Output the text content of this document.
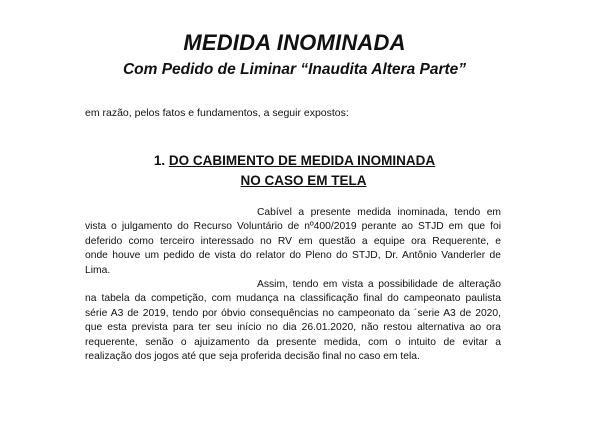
MEDIDA INOMINADA
Com Pedido de Liminar “Inaudita Altera Parte”
em razão, pelos fatos e fundamentos, a seguir expostos:
1. DO CABIMENTO DE MEDIDA INOMINADA
NO CASO EM TELA
Cabível a presente medida inominada, tendo em
vista o julgamento do Recurso Voluntário de nº400/2019 perante ao STJD em que foi
deferido como terceiro interessado no RV em questão a equipe ora Requerente, e
onde houve um pedido de vista do relator do Pleno do STJD, Dr. Antônio Vanderler de
Lima.
Assim, tendo em vista a possibilidade de alteração
na tabela da competição, com mudança na classificação final do campeonato paulista
série A3 de 2019, tendo por óbvio consequências no campeonato da ´serie A3 de 2020,
que esta prevista para ter seu início no dia 26.01.2020, não restou alternativa ao ora
requerente, senão o ajuizamento da presente medida, com o intuito de evitar a
realização dos jogos até que seja proferida decisão final no caso em tela.
